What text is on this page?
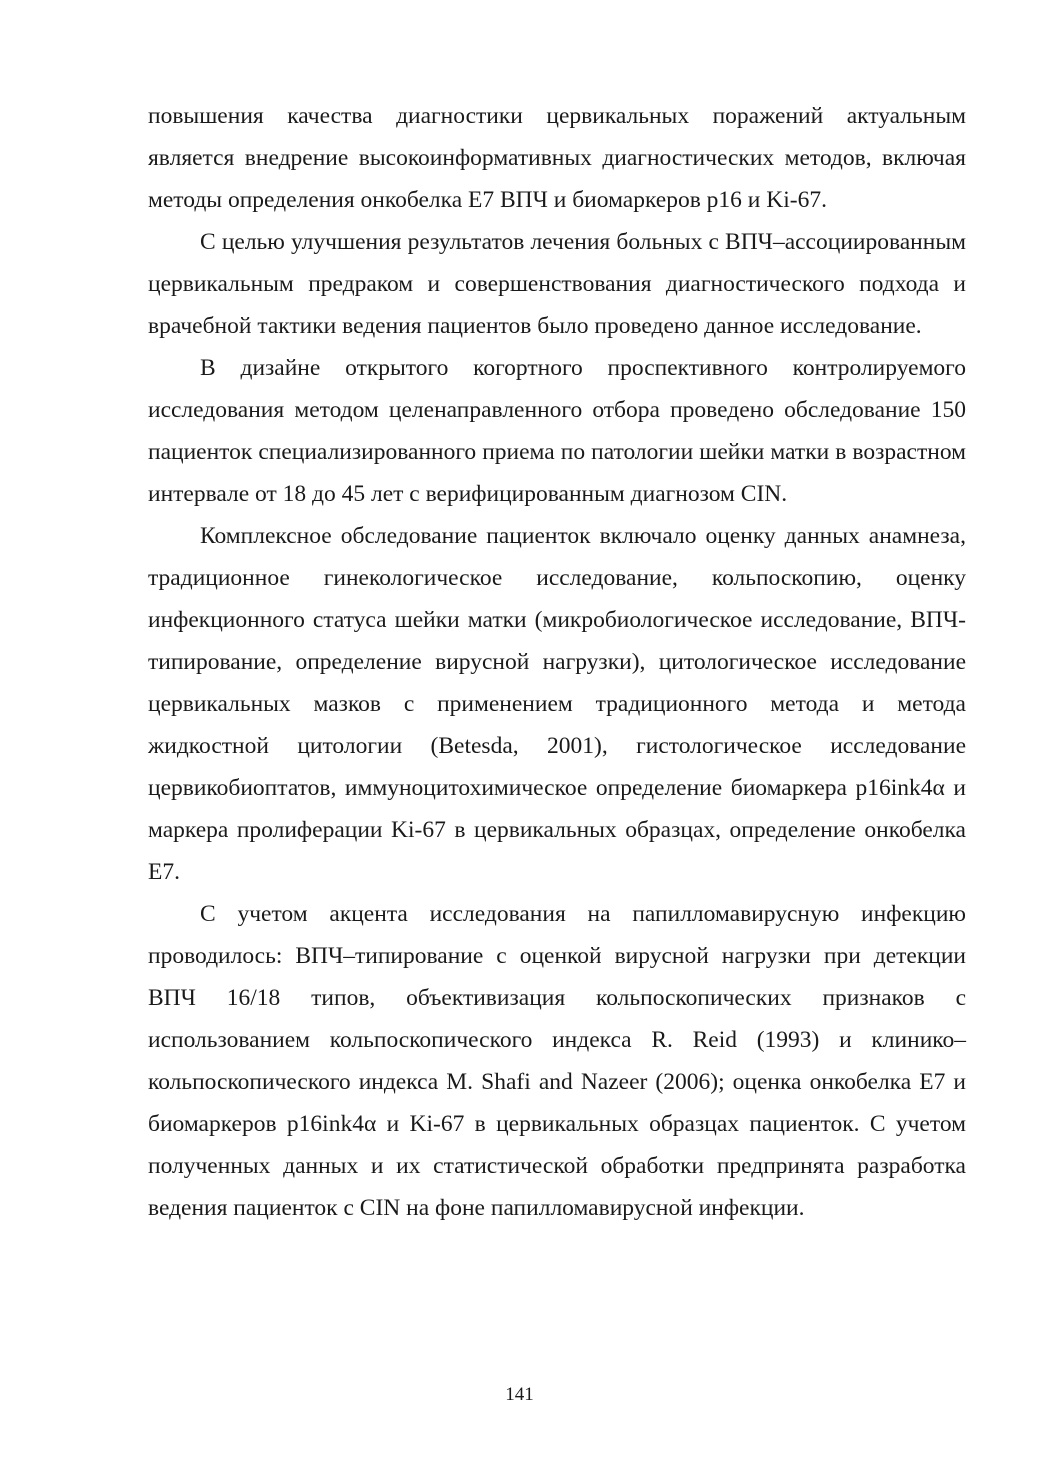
повышения качества диагностики цервикальных поражений актуальным является внедрение высокоинформативных диагностических методов, включая методы определения онкобелка Е7 ВПЧ и биомаркеров p16 и Ki-67.

С целью улучшения результатов лечения больных с ВПЧ–ассоциированным цервикальным предраком и совершенствования диагностического подхода и врачебной тактики ведения пациентов было проведено данное исследование.

В дизайне открытого когортного проспективного контролируемого исследования методом целенаправленного отбора проведено обследование 150 пациенток специализированного приема по патологии шейки матки в возрастном интервале от 18 до 45 лет с верифицированным диагнозом CIN.

Комплексное обследование пациенток включало оценку данных анамнеза, традиционное гинекологическое исследование, кольпоскопию, оценку инфекционного статуса шейки матки (микробиологическое исследование, ВПЧ-типирование, определение вирусной нагрузки), цитологическое исследование цервикальных мазков с применением традиционного метода и метода жидкостной цитологии (Betesda, 2001), гистологическое исследование цервикобиоптатов, иммуноцитохимическое определение биомаркера p16ink4α и маркера пролиферации Ki-67 в цервикальных образцах, определение онкобелка Е7.

С учетом акцента исследования на папилломавирусную инфекцию проводилось: ВПЧ–типирование с оценкой вирусной нагрузки при детекции ВПЧ 16/18 типов, объективизация кольпоскопических признаков с использованием кольпоскопического индекса R. Reid (1993) и клинико–кольпоскопического индекса M. Shafi and Nazeer (2006); оценка онкобелка Е7 и биомаркеров p16ink4α и Ki-67 в цервикальных образцах пациенток. С учетом полученных данных и их статистической обработки предпринята разработка ведения пациенток с CIN на фоне папилломавирусной инфекции.

141
